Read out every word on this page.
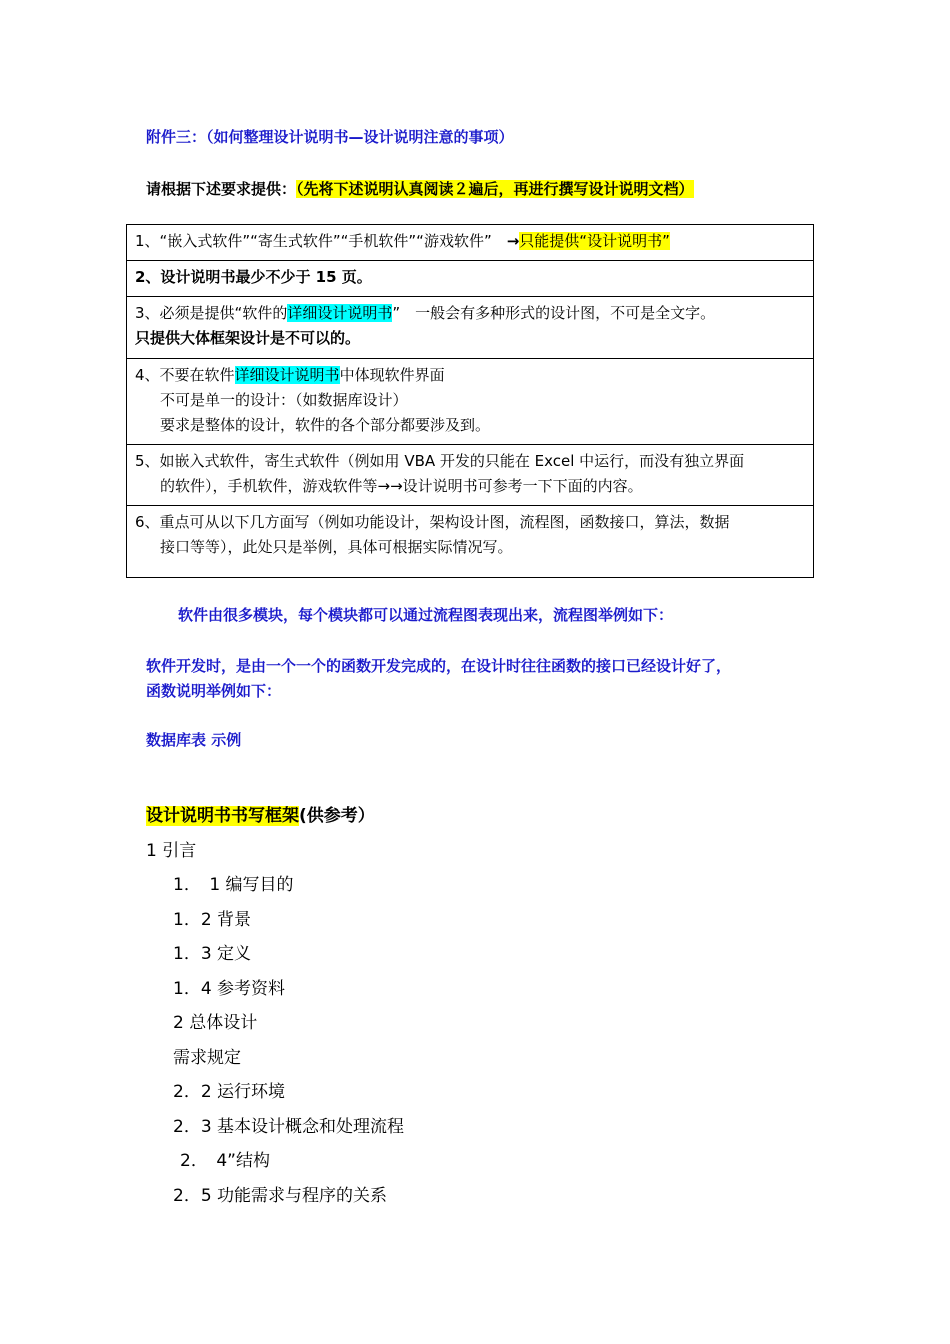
附件三：（如何整理设计说明书—设计说明注意的事项）
请根据下述要求提供：（先将下述说明认真阅读２遍后，再进行撰写设计说明文档）
1、“嵌入式软件”“寄生式软件”“手机软件”“游戏软件”　→只能提供“设计说明书”
2、设计说明书最少不少于 15 页。

3、必须是提供“软件的详细设计说明书”　一般会有多种形式的设计图，不可是全文字。
只提供大体框架设计是不可以的。

4、不要在软件详细设计说明书中体现软件界面
不可是单一的设计：（如数据库设计）
要求是整体的设计，软件的各个部分都要涉及到。

5、如嵌入式软件，寄生式软件（例如用 VBA 开发的只能在 Excel 中运行，而没有独立界面
的软件），手机软件，游戏软件等→→设计说明书可参考一下下面的内容。

6、重点可从以下几方面写（例如功能设计，架构设计图，流程图，函数接口，算法，数据
接口等等），此处只是举例，具体可根据实际情况写。
软件由很多模块，每个模块都可以通过流程图表现出来，流程图举例如下：
软件开发时，是由一个一个的函数开发完成的，在设计时往往函数的接口已经设计好了，
函数说明举例如下：
数据库表 示例
设计说明书书写框架(供参考）
1 引言
1．　1 编写目的
1．2 背景
1．3 定义
1．4 参考资料
2 总体设计
需求规定
2．2 运行环境
2．3 基本设计概念和处理流程
2．　4”结构
2．5 功能需求与程序的关系
